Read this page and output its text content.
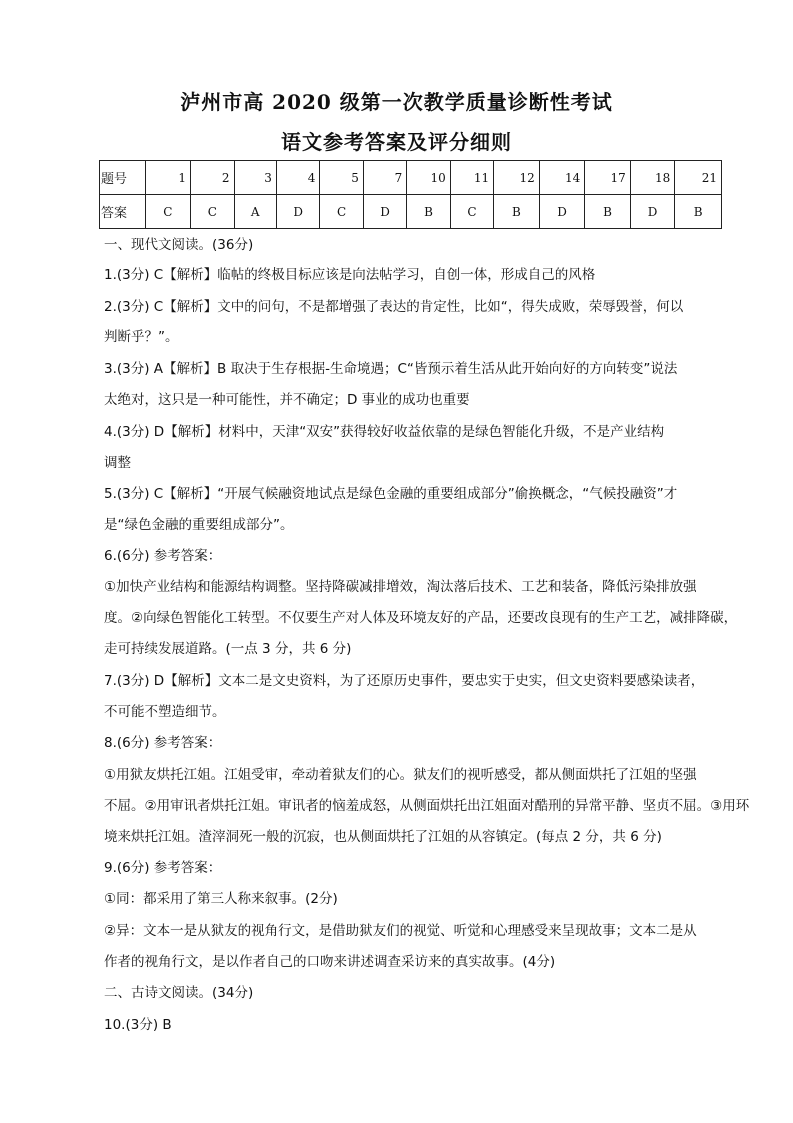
泸州市高 2020 级第一次教学质量诊断性考试
语文参考答案及评分细则
题号	1	2	3	4	5	7	10	11	12	14	17	18	21
答案	C	C	A	D	C	D	B	C	B	D	B	D	B
一、现代文阅读。(36分)
1.(3分) C【解析】临帖的终极目标应该是向法帖学习，自创一体，形成自己的风格
2.(3分) C【解析】文中的问句，不是都增强了表达的肯定性，比如“，得失成败，荣辱毁誉，何以
判断乎？”。
3.(3分) A【解析】B 取决于生存根据-生命境遇；C“皆预示着生活从此开始向好的方向转变”说法
太绝对，这只是一种可能性，并不确定；D 事业的成功也重要
4.(3分) D【解析】材料中，天津“双安”获得较好收益依靠的是绿色智能化升级，不是产业结构
调整
5.(3分) C【解析】“开展气候融资地试点是绿色金融的重要组成部分”偷换概念，“气候投融资”才
是“绿色金融的重要组成部分”。
6.(6分) 参考答案：
①加快产业结构和能源结构调整。坚持降碳减排增效，淘汰落后技术、工艺和装备，降低污染排放强
度。②向绿色智能化工转型。不仅要生产对人体及环境友好的产品，还要改良现有的生产工艺，减排降碳，
走可持续发展道路。(一点 3 分，共 6 分)
7.(3分) D【解析】文本二是文史资料，为了还原历史事件，要忠实于史实，但文史资料要感染读者，
不可能不塑造细节。
8.(6分) 参考答案：
①用狱友烘托江姐。江姐受审，牵动着狱友们的心。狱友们的视听感受，都从侧面烘托了江姐的坚强
不屈。②用审讯者烘托江姐。审讯者的恼羞成怒，从侧面烘托出江姐面对酷刑的异常平静、坚贞不屈。③用环
境来烘托江姐。渣滓洞死一般的沉寂，也从侧面烘托了江姐的从容镇定。(每点 2 分，共 6 分)
9.(6分) 参考答案：
①同：都采用了第三人称来叙事。(2分)
②异：文本一是从狱友的视角行文，是借助狱友们的视觉、听觉和心理感受来呈现故事；文本二是从
作者的视角行文，是以作者自己的口吻来讲述调查采访来的真实故事。(4分)
二、古诗文阅读。(34分)
10.(3分) B
